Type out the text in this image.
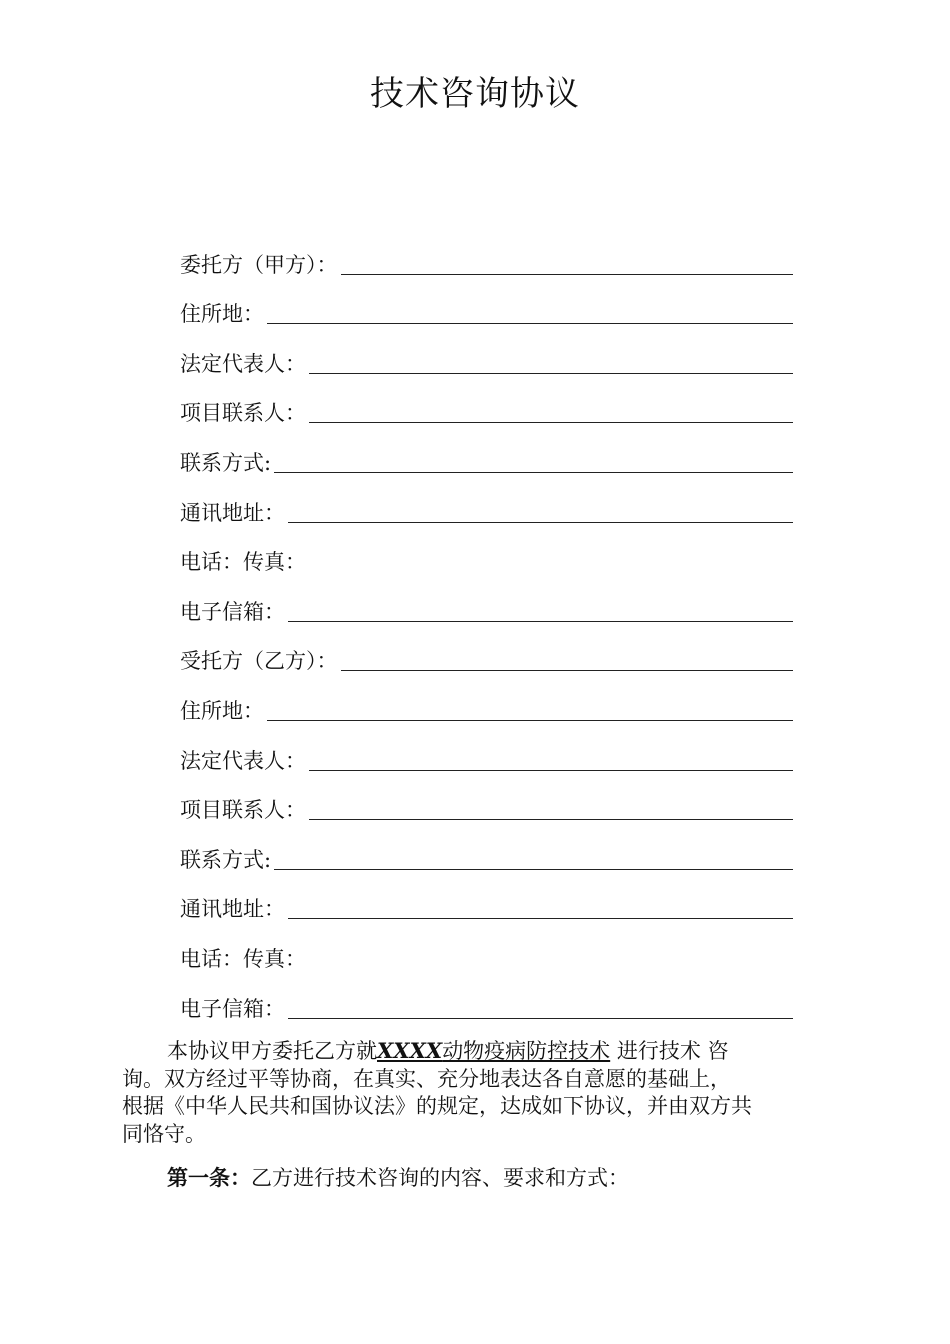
技术咨询协议
委托方（甲方）：
住所地：
法定代表人：
项目联系人：
联系方式:
通讯地址：
电话：传真：
电子信箱：
受托方（乙方）：
住所地：
法定代表人：
项目联系人：
联系方式:
通讯地址：
电话：传真：
电子信箱：

本协议甲方委托乙方就XXXX动物疫病防控技术 进行技术 咨

询。双方经过平等协商，在真实、充分地表达各自意愿的基础上，

根据《中华人民共和国协议法》的规定，达成如下协议，并由双方共

同恪守。

第一条：乙方进行技术咨询的内容、要求和方式：
